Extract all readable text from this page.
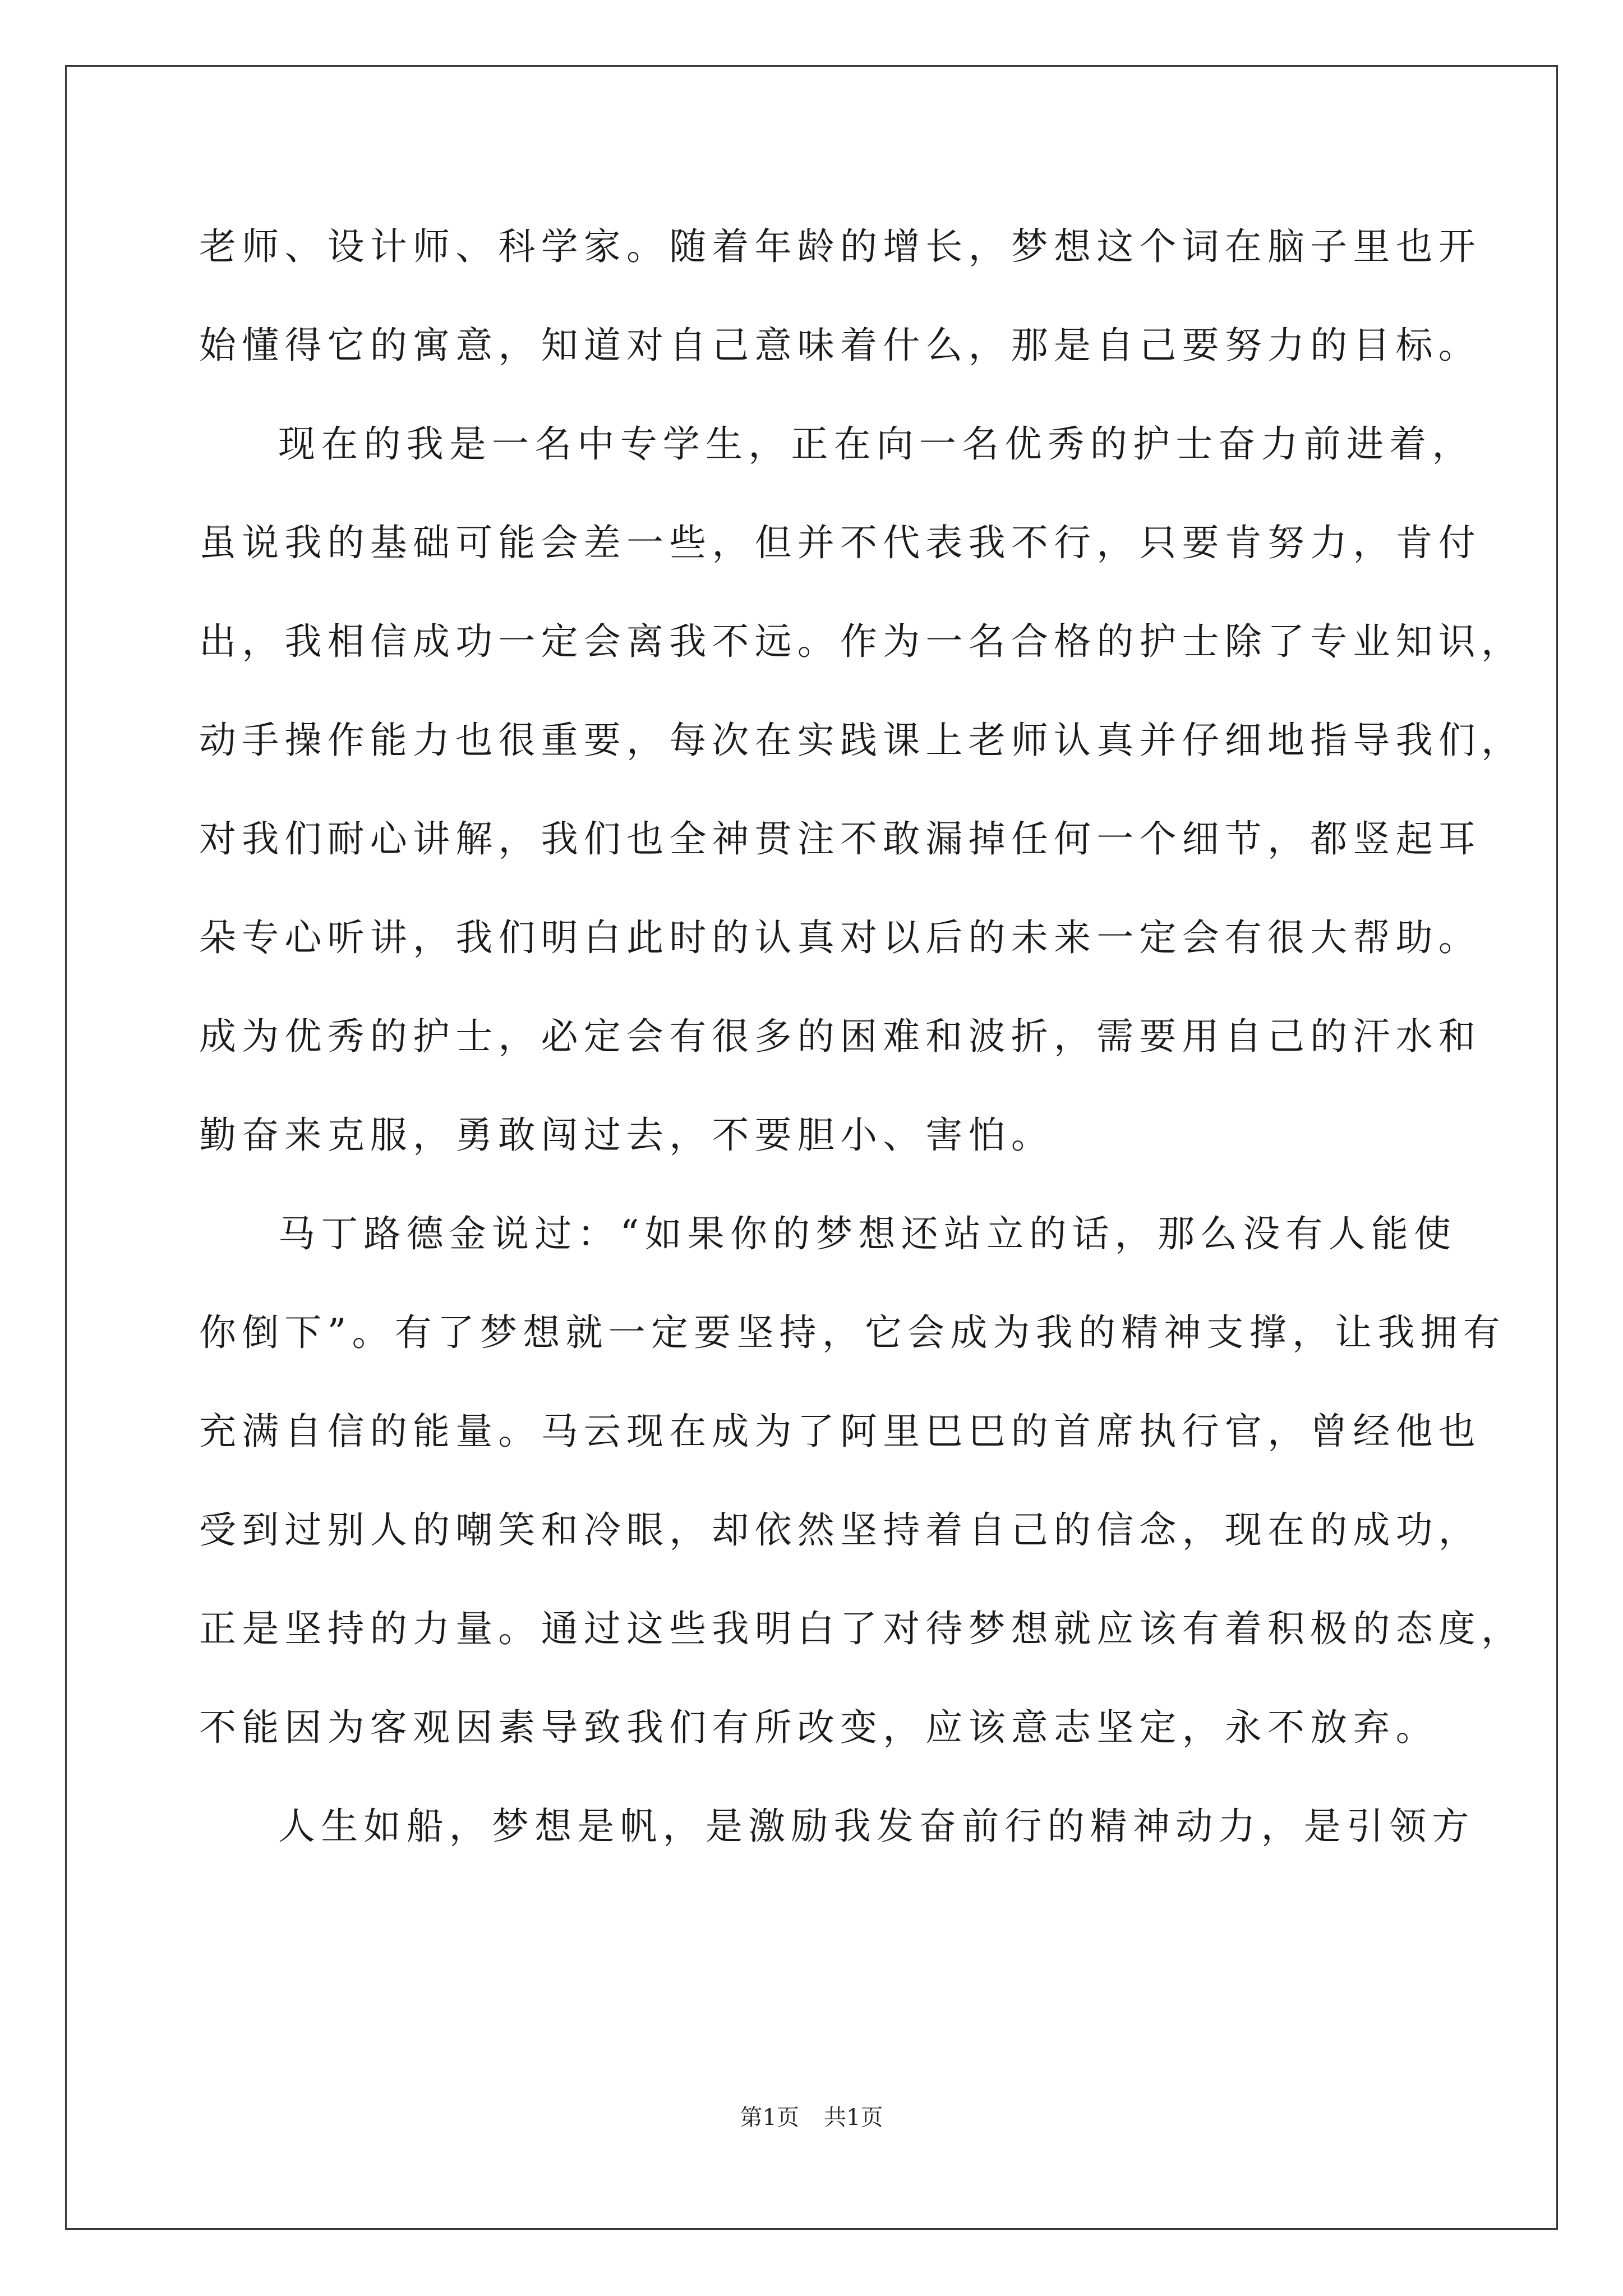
老师、设计师、科学家。随着年龄的增长，梦想这个词在脑子里也开
始懂得它的寓意，知道对自己意味着什么，那是自己要努力的目标。
现在的我是一名中专学生，正在向一名优秀的护士奋力前进着，
虽说我的基础可能会差一些，但并不代表我不行，只要肯努力，肯付
出，我相信成功一定会离我不远。作为一名合格的护士除了专业知识，
动手操作能力也很重要，每次在实践课上老师认真并仔细地指导我们，
对我们耐心讲解，我们也全神贯注不敢漏掉任何一个细节，都竖起耳
朵专心听讲，我们明白此时的认真对以后的未来一定会有很大帮助。
成为优秀的护士，必定会有很多的困难和波折，需要用自己的汗水和
勤奋来克服，勇敢闯过去，不要胆小、害怕。
马丁路德金说过：“如果你的梦想还站立的话，那么没有人能使
你倒下”。有了梦想就一定要坚持，它会成为我的精神支撑，让我拥有
充满自信的能量。马云现在成为了阿里巴巴的首席执行官，曾经他也
受到过别人的嘲笑和冷眼，却依然坚持着自己的信念，现在的成功，
正是坚持的力量。通过这些我明白了对待梦想就应该有着积极的态度，
不能因为客观因素导致我们有所改变，应该意志坚定，永不放弃。
人生如船，梦想是帆，是激励我发奋前行的精神动力，是引领方
第1页 共1页
